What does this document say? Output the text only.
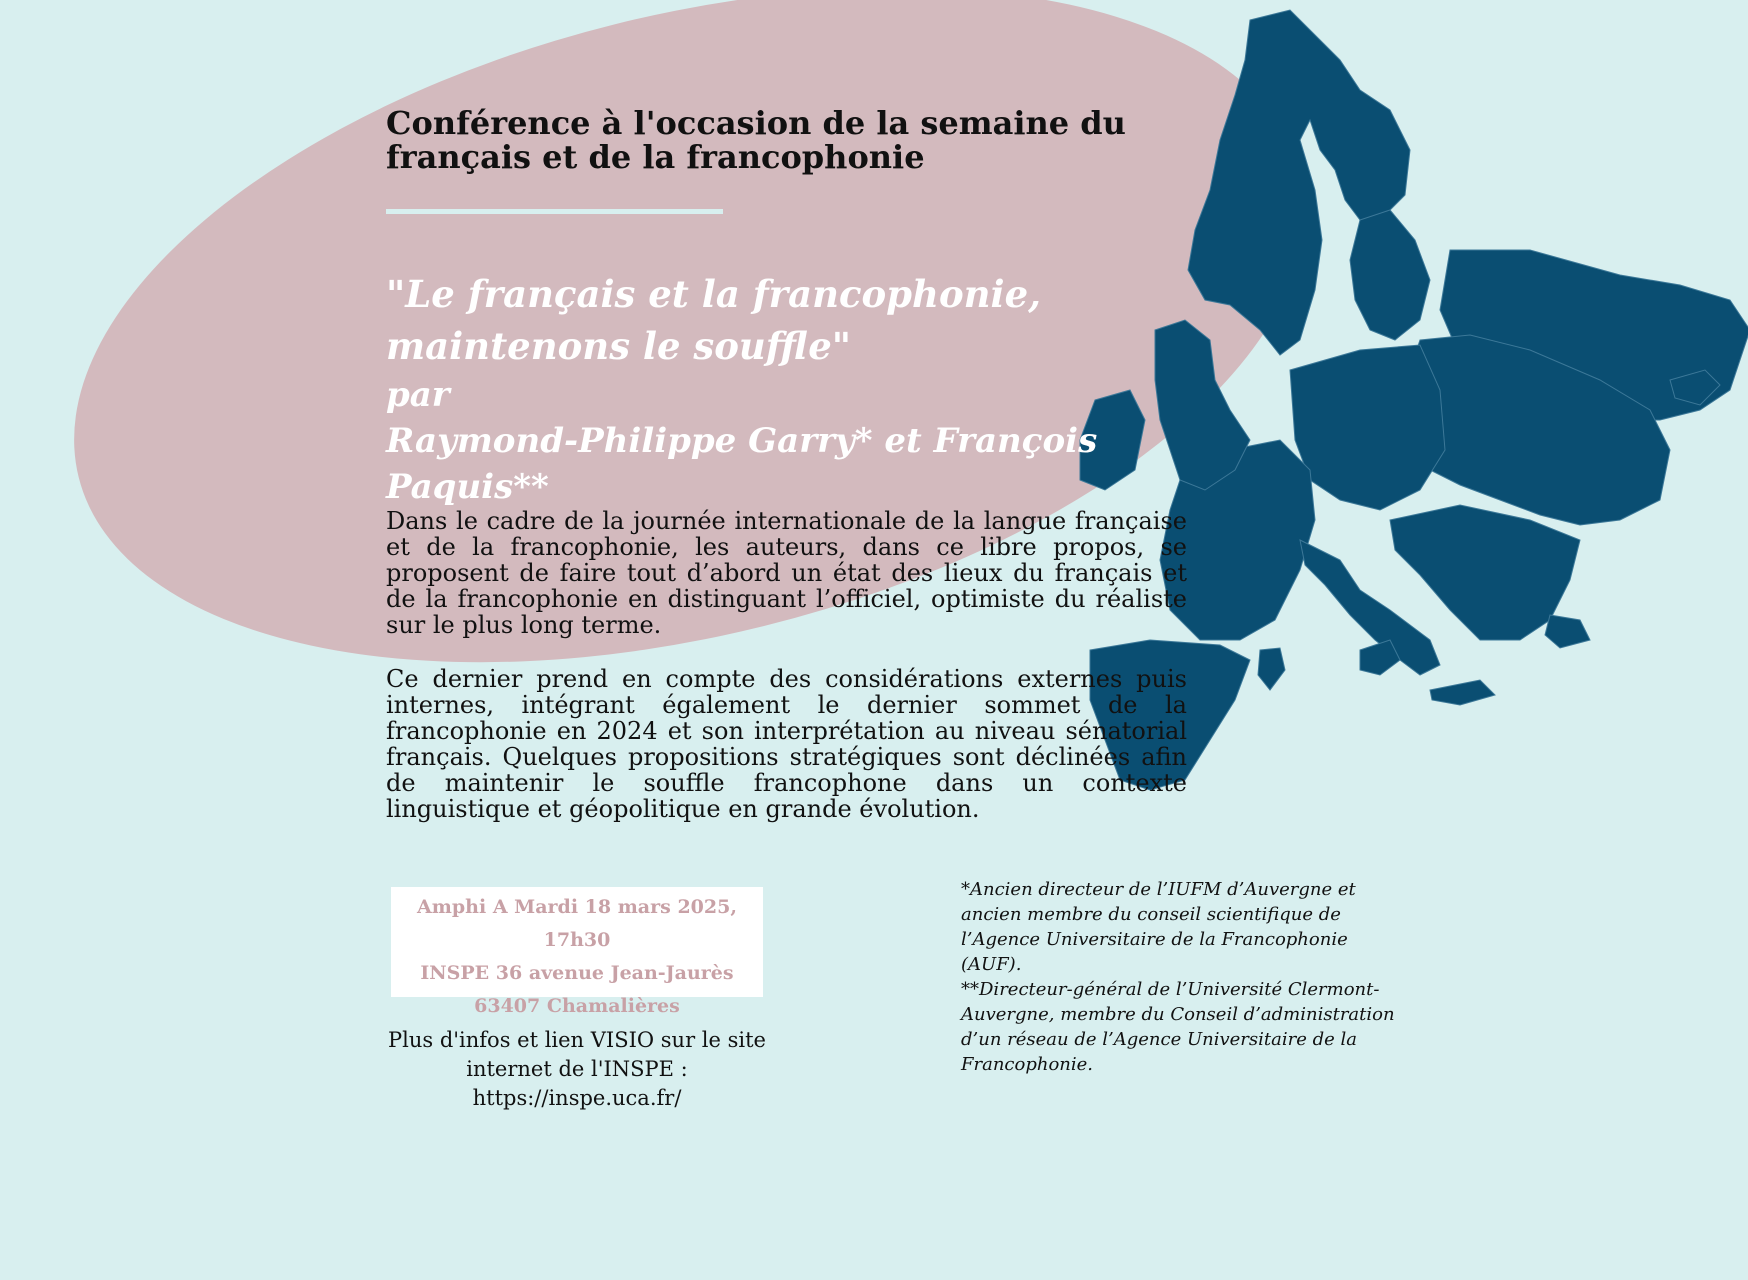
Conférence à l'occasion de la semaine du français et de la francophonie
"Le français et la francophonie, maintenons le souffle"
par
Raymond-Philippe Garry* et François Paquis**
Dans le cadre de la journée internationale de la langue française et de la francophonie, les auteurs, dans ce libre propos, se proposent de faire tout d’abord un état des lieux du français et de la francophonie en distinguant l’officiel, optimiste du réaliste sur le plus long terme.
Ce dernier prend en compte des considérations externes puis internes, intégrant également le dernier sommet de la francophonie en 2024 et son interprétation au niveau sénatorial français. Quelques propositions stratégiques sont déclinées afin de maintenir le souffle francophone dans un contexte linguistique et géopolitique en grande évolution.
Amphi A Mardi 18 mars 2025, 17h30
INSPE 36 avenue Jean-Jaurès
63407 Chamalières
Plus d'infos et lien VISIO sur le site
internet de l'INSPE :
https://inspe.uca.fr/
*Ancien directeur de l’IUFM d’Auvergne et ancien membre du conseil scientifique de l’Agence Universitaire de la Francophonie (AUF).
**Directeur-général de l’Université Clermont-Auvergne, membre du Conseil d’administration d’un réseau de l’Agence Universitaire de la Francophonie.
